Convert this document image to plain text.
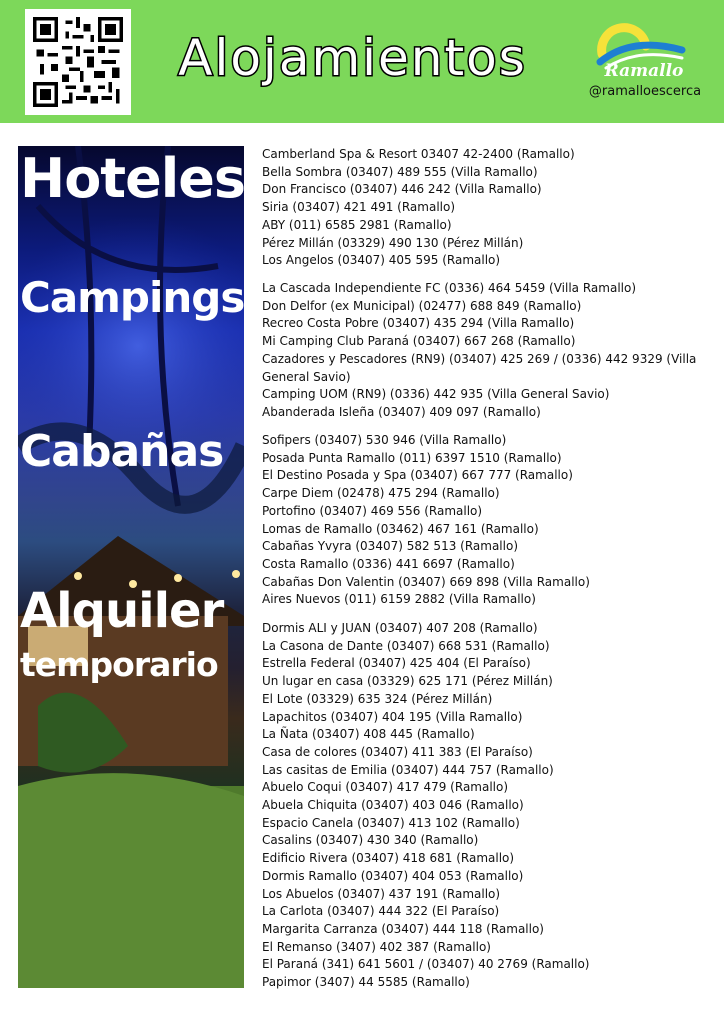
Alojamientos	Ramallo
@ramalloescerca
Hoteles
Campings
Cabañas
Alquiler
temporario
Camberland Spa & Resort 03407 42-2400 (Ramallo)
Bella Sombra (03407) 489 555 (Villa Ramallo)
Don Francisco (03407) 446 242 (Villa Ramallo)
Siria (03407) 421 491 (Ramallo)
ABY (011) 6585 2981 (Ramallo)
Pérez Millán (03329) 490 130 (Pérez Millán)
Los Angelos (03407) 405 595 (Ramallo)
La Cascada Independiente FC (0336) 464 5459 (Villa Ramallo)
Don Delfor (ex Municipal) (02477) 688 849 (Ramallo)
Recreo Costa Pobre (03407) 435 294 (Villa Ramallo)
Mi Camping Club Paraná (03407) 667 268 (Ramallo)
Cazadores y Pescadores (RN9) (03407) 425 269 / (0336) 442 9329 (Villa General Savio)
Camping UOM (RN9) (0336) 442 935 (Villa General Savio)
Abanderada Isleña (03407) 409 097 (Ramallo)
Sofipers (03407) 530 946 (Villa Ramallo)
Posada Punta Ramallo (011) 6397 1510 (Ramallo)
El Destino Posada y Spa (03407) 667 777 (Ramallo)
Carpe Diem (02478) 475 294 (Ramallo)
Portofino (03407) 469 556 (Ramallo)
Lomas de Ramallo (03462) 467 161 (Ramallo)
Cabañas Yvyra (03407) 582 513 (Ramallo)
Costa Ramallo (0336) 441 6697 (Ramallo)
Cabañas Don Valentin (03407) 669 898 (Villa Ramallo)
Aires Nuevos (011) 6159 2882 (Villa Ramallo)
Dormis ALI y JUAN (03407) 407 208 (Ramallo)
La Casona de Dante (03407) 668 531 (Ramallo)
Estrella Federal (03407) 425 404 (El Paraíso)
Un lugar en casa (03329) 625 171 (Pérez Millán)
El Lote (03329) 635 324 (Pérez Millán)
Lapachitos (03407) 404 195 (Villa Ramallo)
La Ñata (03407) 408 445 (Ramallo)
Casa de colores (03407) 411 383 (El Paraíso)
Las casitas de Emilia (03407) 444 757 (Ramallo)
Abuelo Coqui (03407) 417 479 (Ramallo)
Abuela Chiquita (03407) 403 046 (Ramallo)
Espacio Canela (03407) 413 102 (Ramallo)
Casalins (03407) 430 340 (Ramallo)
Edificio Rivera (03407) 418 681 (Ramallo)
Dormis Ramallo (03407) 404 053 (Ramallo)
Los Abuelos (03407) 437 191 (Ramallo)
La Carlota (03407) 444 322 (El Paraíso)
Margarita Carranza (03407) 444 118 (Ramallo)
El Remanso (3407) 402 387 (Ramallo)
El Paraná (341) 641 5601 / (03407) 40 2769 (Ramallo)
Papimor (3407) 44 5585 (Ramallo)
